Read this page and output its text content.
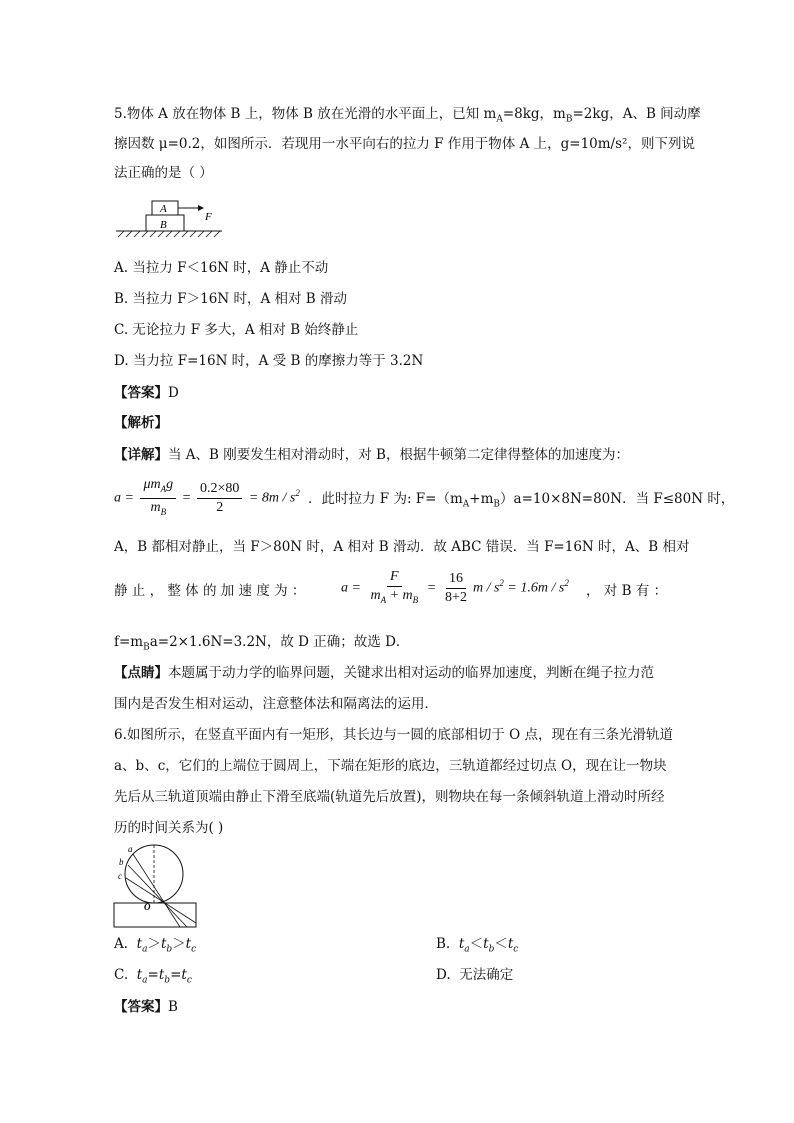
5.物体 A 放在物体 B 上，物体 B 放在光滑的水平面上，已知 $m_A=8kg$，$m_B=2kg$，A、B 间动摩
擦因数 μ=0.2，如图所示．若现用一水平向右的拉力 F 作用于物体 A 上，g=10m/s²，则下列说
法正确的是（ ）
A
B
F
A. 当拉力 F＜16N 时，A 静止不动
B. 当拉力 F＞16N 时，A 相对 B 滑动
C. 无论拉力 F 多大，A 相对 B 始终静止
D. 当力拉 F=16N 时，A 受 B 的摩擦力等于 3.2N
【答案】D
【解析】
【详解】当 A、B 刚要发生相对滑动时，对 B，根据牛顿第二定律得整体的加速度为：
$a = \frac{\mu m_Ag}{m_B} = \frac{0.2\times 80}{2} = 8m / s^2$ ．此时拉力 F 为: $F=(m_A+m_B)a=10\times 8N=80N$．当 F≤80N 时，
A，B 都相对静止，当 F＞80N 时，A 相对 B 滑动．故 ABC 错误．当 F=16N 时，A、B 相对
静 止 ， 整 体 的 加 速 度 为 ：	$a = \frac{F}{m_A + m_B} = \frac{16}{8+2}$ $m / s^2 = 1.6m / s^2$
， 对 B 有 ：
$f=m_Ba=2\times 1.6N=3.2N$，故 D 正确；故选 D．
【点睛】本题属于动力学的临界问题，关键求出相对运动的临界加速度，判断在绳子拉力范
围内是否发生相对运动，注意整体法和隔离法的运用．
6.如图所示，在竖直平面内有一矩形，其长边与一圆的底部相切于 O 点，现在有三条光滑轨道
a、b、c，它们的上端位于圆周上，下端在矩形的底边，三轨道都经过切点 O，现在让一物块
先后从三轨道顶端由静止下滑至底端(轨道先后放置)，则物块在每一条倾斜轨道上滑动时所经
历的时间关系为( )
a
b
c
O
A. $t_a>t_b>t_c$	B. $t_a<t_b<t_c$
C. $t_a=t_b=t_c$	D. 无法确定
【答案】B
